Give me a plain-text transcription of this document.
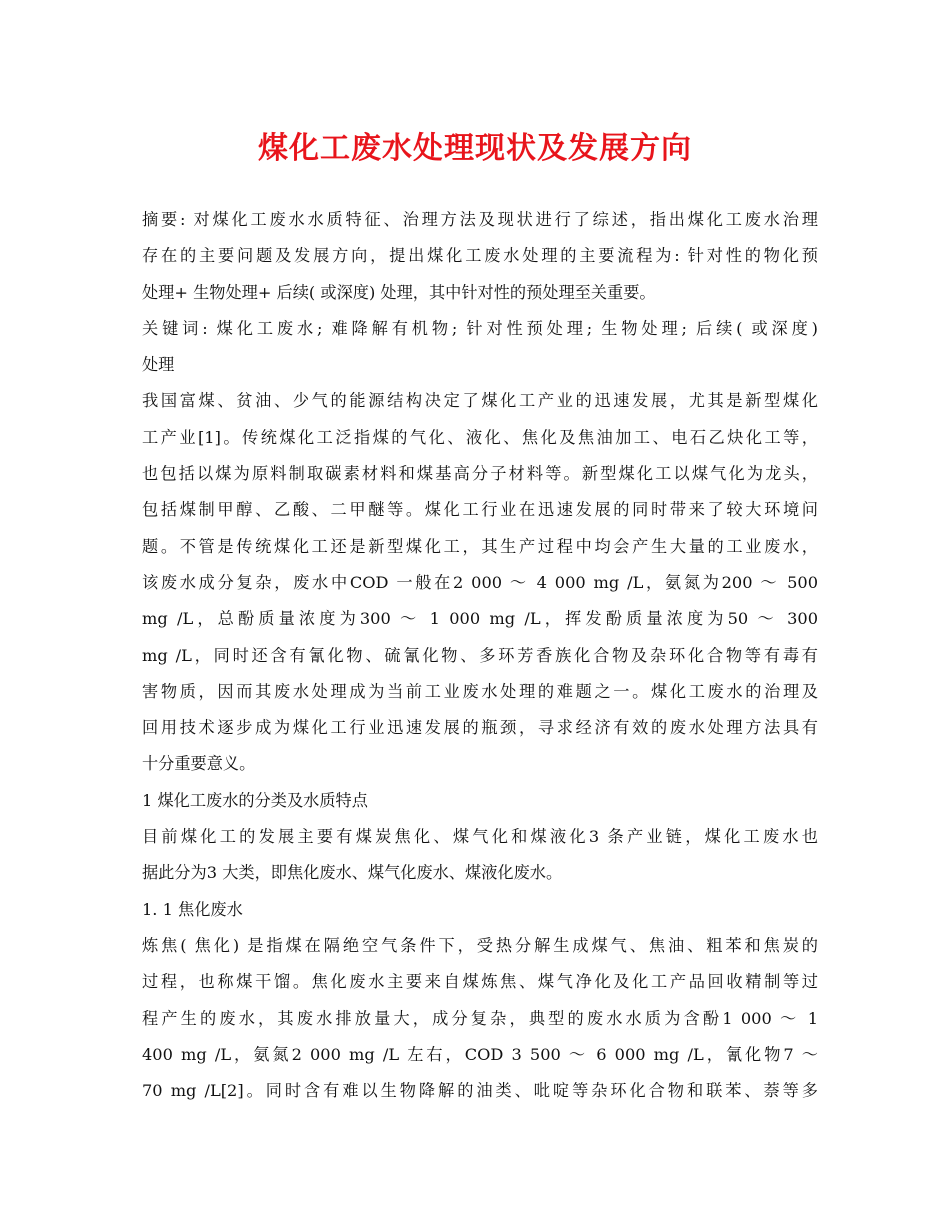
煤化工废水处理现状及发展方向
摘要: 对煤化工废水水质特征、治理方法及现状进行了综述，指出煤化工废水治理
存在的主要问题及发展方向，提出煤化工废水处理的主要流程为: 针对性的物化预
处理+ 生物处理+ 后续( 或深度) 处理，其中针对性的预处理至关重要。
关键词: 煤化工废水; 难降解有机物; 针对性预处理; 生物处理; 后续( 或深度)
处理
我国富煤、贫油、少气的能源结构决定了煤化工产业的迅速发展，尤其是新型煤化
工产业[1]。传统煤化工泛指煤的气化、液化、焦化及焦油加工、电石乙炔化工等，
也包括以煤为原料制取碳素材料和煤基高分子材料等。新型煤化工以煤气化为龙头，
包括煤制甲醇、乙酸、二甲醚等。煤化工行业在迅速发展的同时带来了较大环境问
题。不管是传统煤化工还是新型煤化工，其生产过程中均会产生大量的工业废水，
该废水成分复杂，废水中COD 一般在2 000 ～ 4 000 mg /L，氨氮为200 ～ 500
mg /L，总酚质量浓度为300 ～ 1 000 mg /L，挥发酚质量浓度为50 ～ 300
mg /L，同时还含有氰化物、硫氰化物、多环芳香族化合物及杂环化合物等有毒有
害物质，因而其废水处理成为当前工业废水处理的难题之一。煤化工废水的治理及
回用技术逐步成为煤化工行业迅速发展的瓶颈，寻求经济有效的废水处理方法具有
十分重要意义。
1 煤化工废水的分类及水质特点
目前煤化工的发展主要有煤炭焦化、煤气化和煤液化3 条产业链，煤化工废水也
据此分为3 大类，即焦化废水、煤气化废水、煤液化废水。
1. 1 焦化废水
炼焦( 焦化) 是指煤在隔绝空气条件下，受热分解生成煤气、焦油、粗苯和焦炭的
过程，也称煤干馏。焦化废水主要来自煤炼焦、煤气净化及化工产品回收精制等过
程产生的废水，其废水排放量大，成分复杂，典型的废水水质为含酚1 000 ～ 1
400 mg /L，氨氮2 000 mg /L 左右，COD 3 500 ～ 6 000 mg /L，氰化物7 ～
70 mg /L[2]。同时含有难以生物降解的油类、吡啶等杂环化合物和联苯、萘等多
